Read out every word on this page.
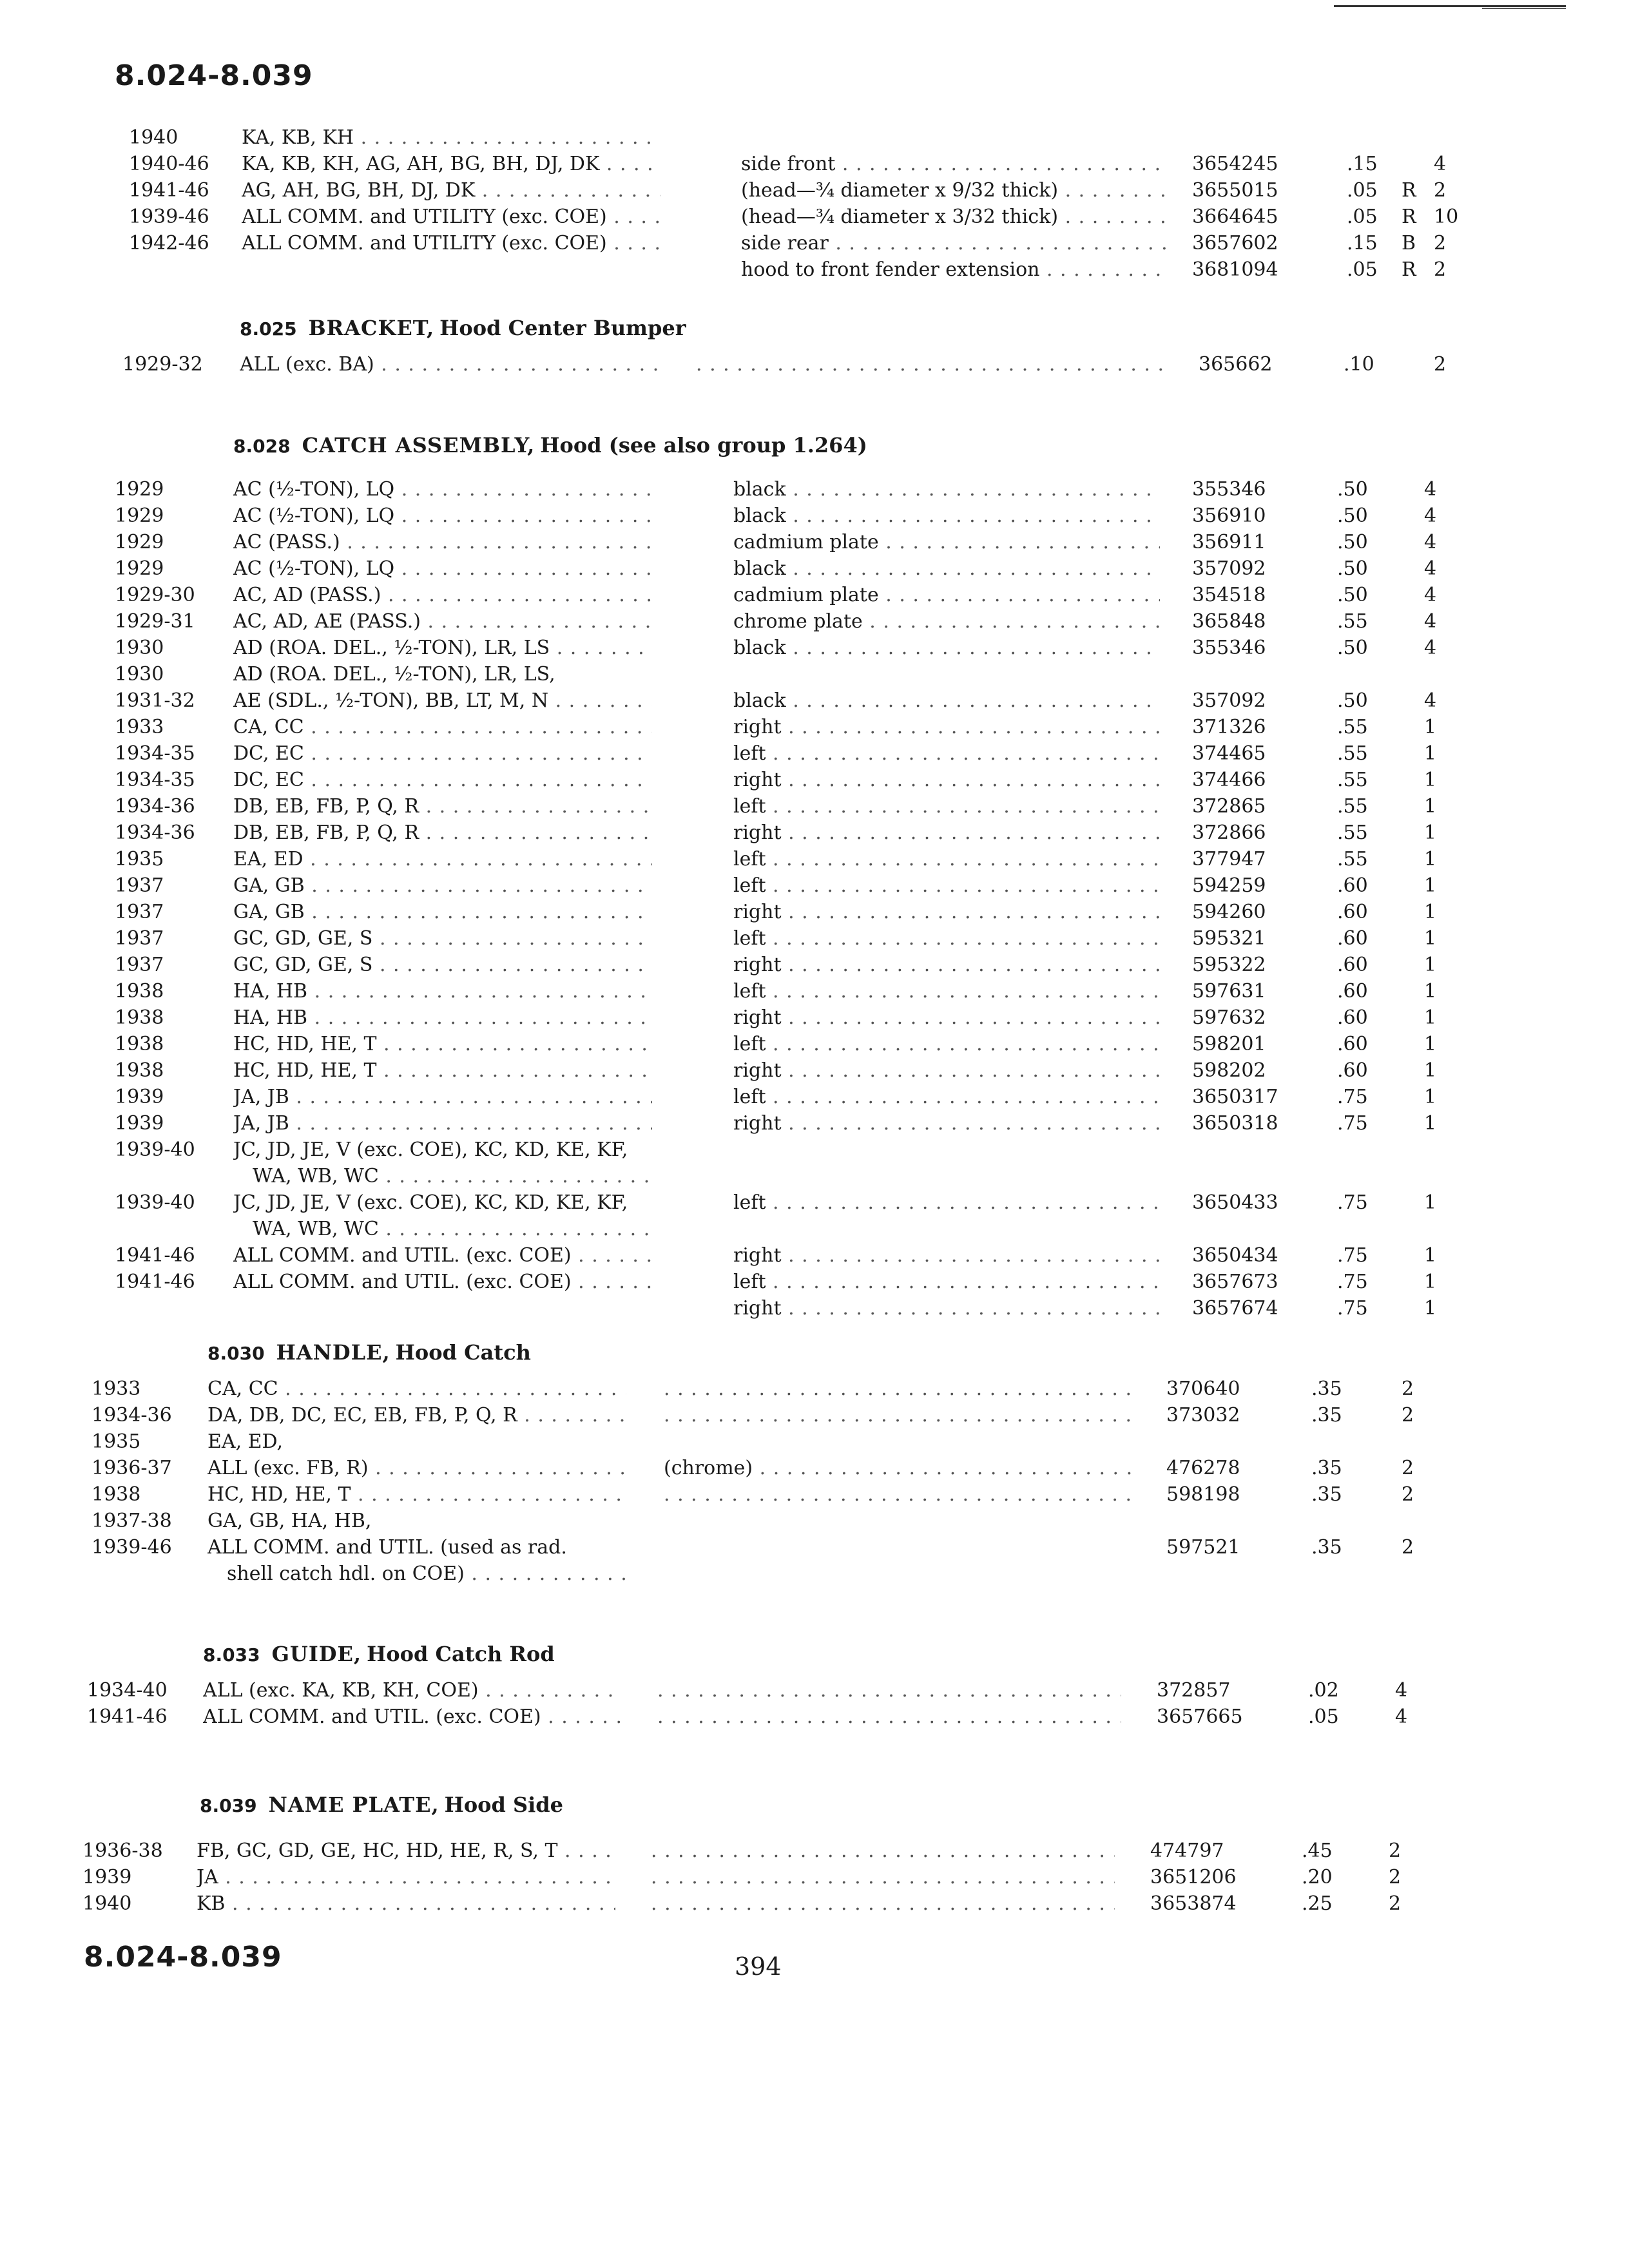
8.024-8.039
1940	KA, KB, KH . . .
1940-46 KA, KB, KH, AG, AH, BG, BH, DJ, DK . . .	side front . . .	3654245	.15	4
1941-46 AG, AH, BG, BH, DJ, DK . . .	(head—¾ diameter x 9/32 thick) . . .	3655015	.05 R 2
1939-46 ALL COMM. and UTILITY (exc. COE) . . .	(head—¾ diameter x 3/32 thick) . . .	3664645	.05 R 10
1942-46 ALL COMM. and UTILITY (exc. COE) . . .	side rear . . .	3657602	.15 B 2
hood to front fender extension . . .	3681094	.05 R 2
8.025 BRACKET, Hood Center Bumper
1929-32 ALL (exc. BA) . . . . . .	365662	.10	2
8.028 CATCH ASSEMBLY, Hood (see also group 1.264)
1929	AC (½-TON), LQ . . .	black . . .	355346	.50	4
1929	AC (½-TON), LQ . . .	black . . .	356910	.50	4
1929	AC (PASS.) . . .	cadmium plate . . .	356911	.50	4
1929	AC (½-TON), LQ . . .	black . . .	357092	.50	4
1929-30 AC, AD (PASS.) . . .	cadmium plate . . .	354518	.50	4
1929-31 AC, AD, AE (PASS.) . . .	chrome plate . . .	365848	.55	4
1930	AD (ROA. DEL., ½-TON), LR, LS . . .	black . . .	355346	.50	4
1930	AD (ROA. DEL., ½-TON), LR, LS,
1931-32 AE (SDL., ½-TON), BB, LT, M, N . . .	black . . .	357092	.50	4
1933	CA, CC . . .	right . . .	371326	.55	1
1934-35 DC, EC . . .	left . . .	374465	.55	1
1934-35 DC, EC . . .	right . . .	374466	.55	1
1934-36 DB, EB, FB, P, Q, R . . .	left . . .	372865	.55	1
1934-36 DB, EB, FB, P, Q, R . . .	right . . .	372866	.55	1
1935	EA, ED . . .	left . . .	377947	.55	1
1937	GA, GB . . .	left . . .	594259	.60	1
1937	GA, GB . . .	right . . .	594260	.60	1
1937	GC, GD, GE, S . . .	left . . .	595321	.60	1
1937	GC, GD, GE, S . . .	right . . .	595322	.60	1
1938	HA, HB . . .	left . . .	597631	.60	1
1938	HA, HB . . .	right . . .	597632	.60	1
1938	HC, HD, HE, T . . .	left . . .	598201	.60	1
1938	HC, HD, HE, T . . .	right . . .	598202	.60	1
1939	JA, JB . . .	left . . .	3650317	.75	1
1939	JA, JB . . .	right . . .	3650318	.75	1
1939-40 JC, JD, JE, V (exc. COE), KC, KD, KE, KF,
WA, WB, WC . . .
1939-40 JC, JD, JE, V (exc. COE), KC, KD, KE, KF,	left . . .	3650433	.75	1
WA, WB, WC . . .
1941-46 ALL COMM. and UTIL. (exc. COE) . . .	right . . .	3650434	.75	1
1941-46 ALL COMM. and UTIL. (exc. COE) . . .	left . . .	3657673	.75	1
right . . .	3657674	.75	1
8.030 HANDLE, Hood Catch
1933	CA, CC . . . . . .	370640	.35	2
1934-36 DA, DB, DC, EC, EB, FB, P, Q, R . . . . . .	373032	.35	2
1935	EA, ED,
1936-37 ALL (exc. FB, R) . . .	(chrome) . . .	476278	.35	2
1938	HC, HD, HE, T . . . . . .	598198	.35	2
1937-38 GA, GB, HA, HB,
1939-46 ALL COMM. and UTIL. (used as rad.	597521	.35	2
shell catch hdl. on COE) . . .
8.033 GUIDE, Hood Catch Rod
1934-40 ALL (exc. KA, KB, KH, COE) . . . . . .	372857	.02	4
1941-46 ALL COMM. and UTIL. (exc. COE) . . . . . .	3657665	.05	4
8.039 NAME PLATE, Hood Side
1936-38 FB, GC, GD, GE, HC, HD, HE, R, S, T . . . . . .	474797	.45	2
1939	JA . . . . . .	3651206	.20	2
1940	KB . . . . . .	3653874	.25	2
8.024-8.039	394
